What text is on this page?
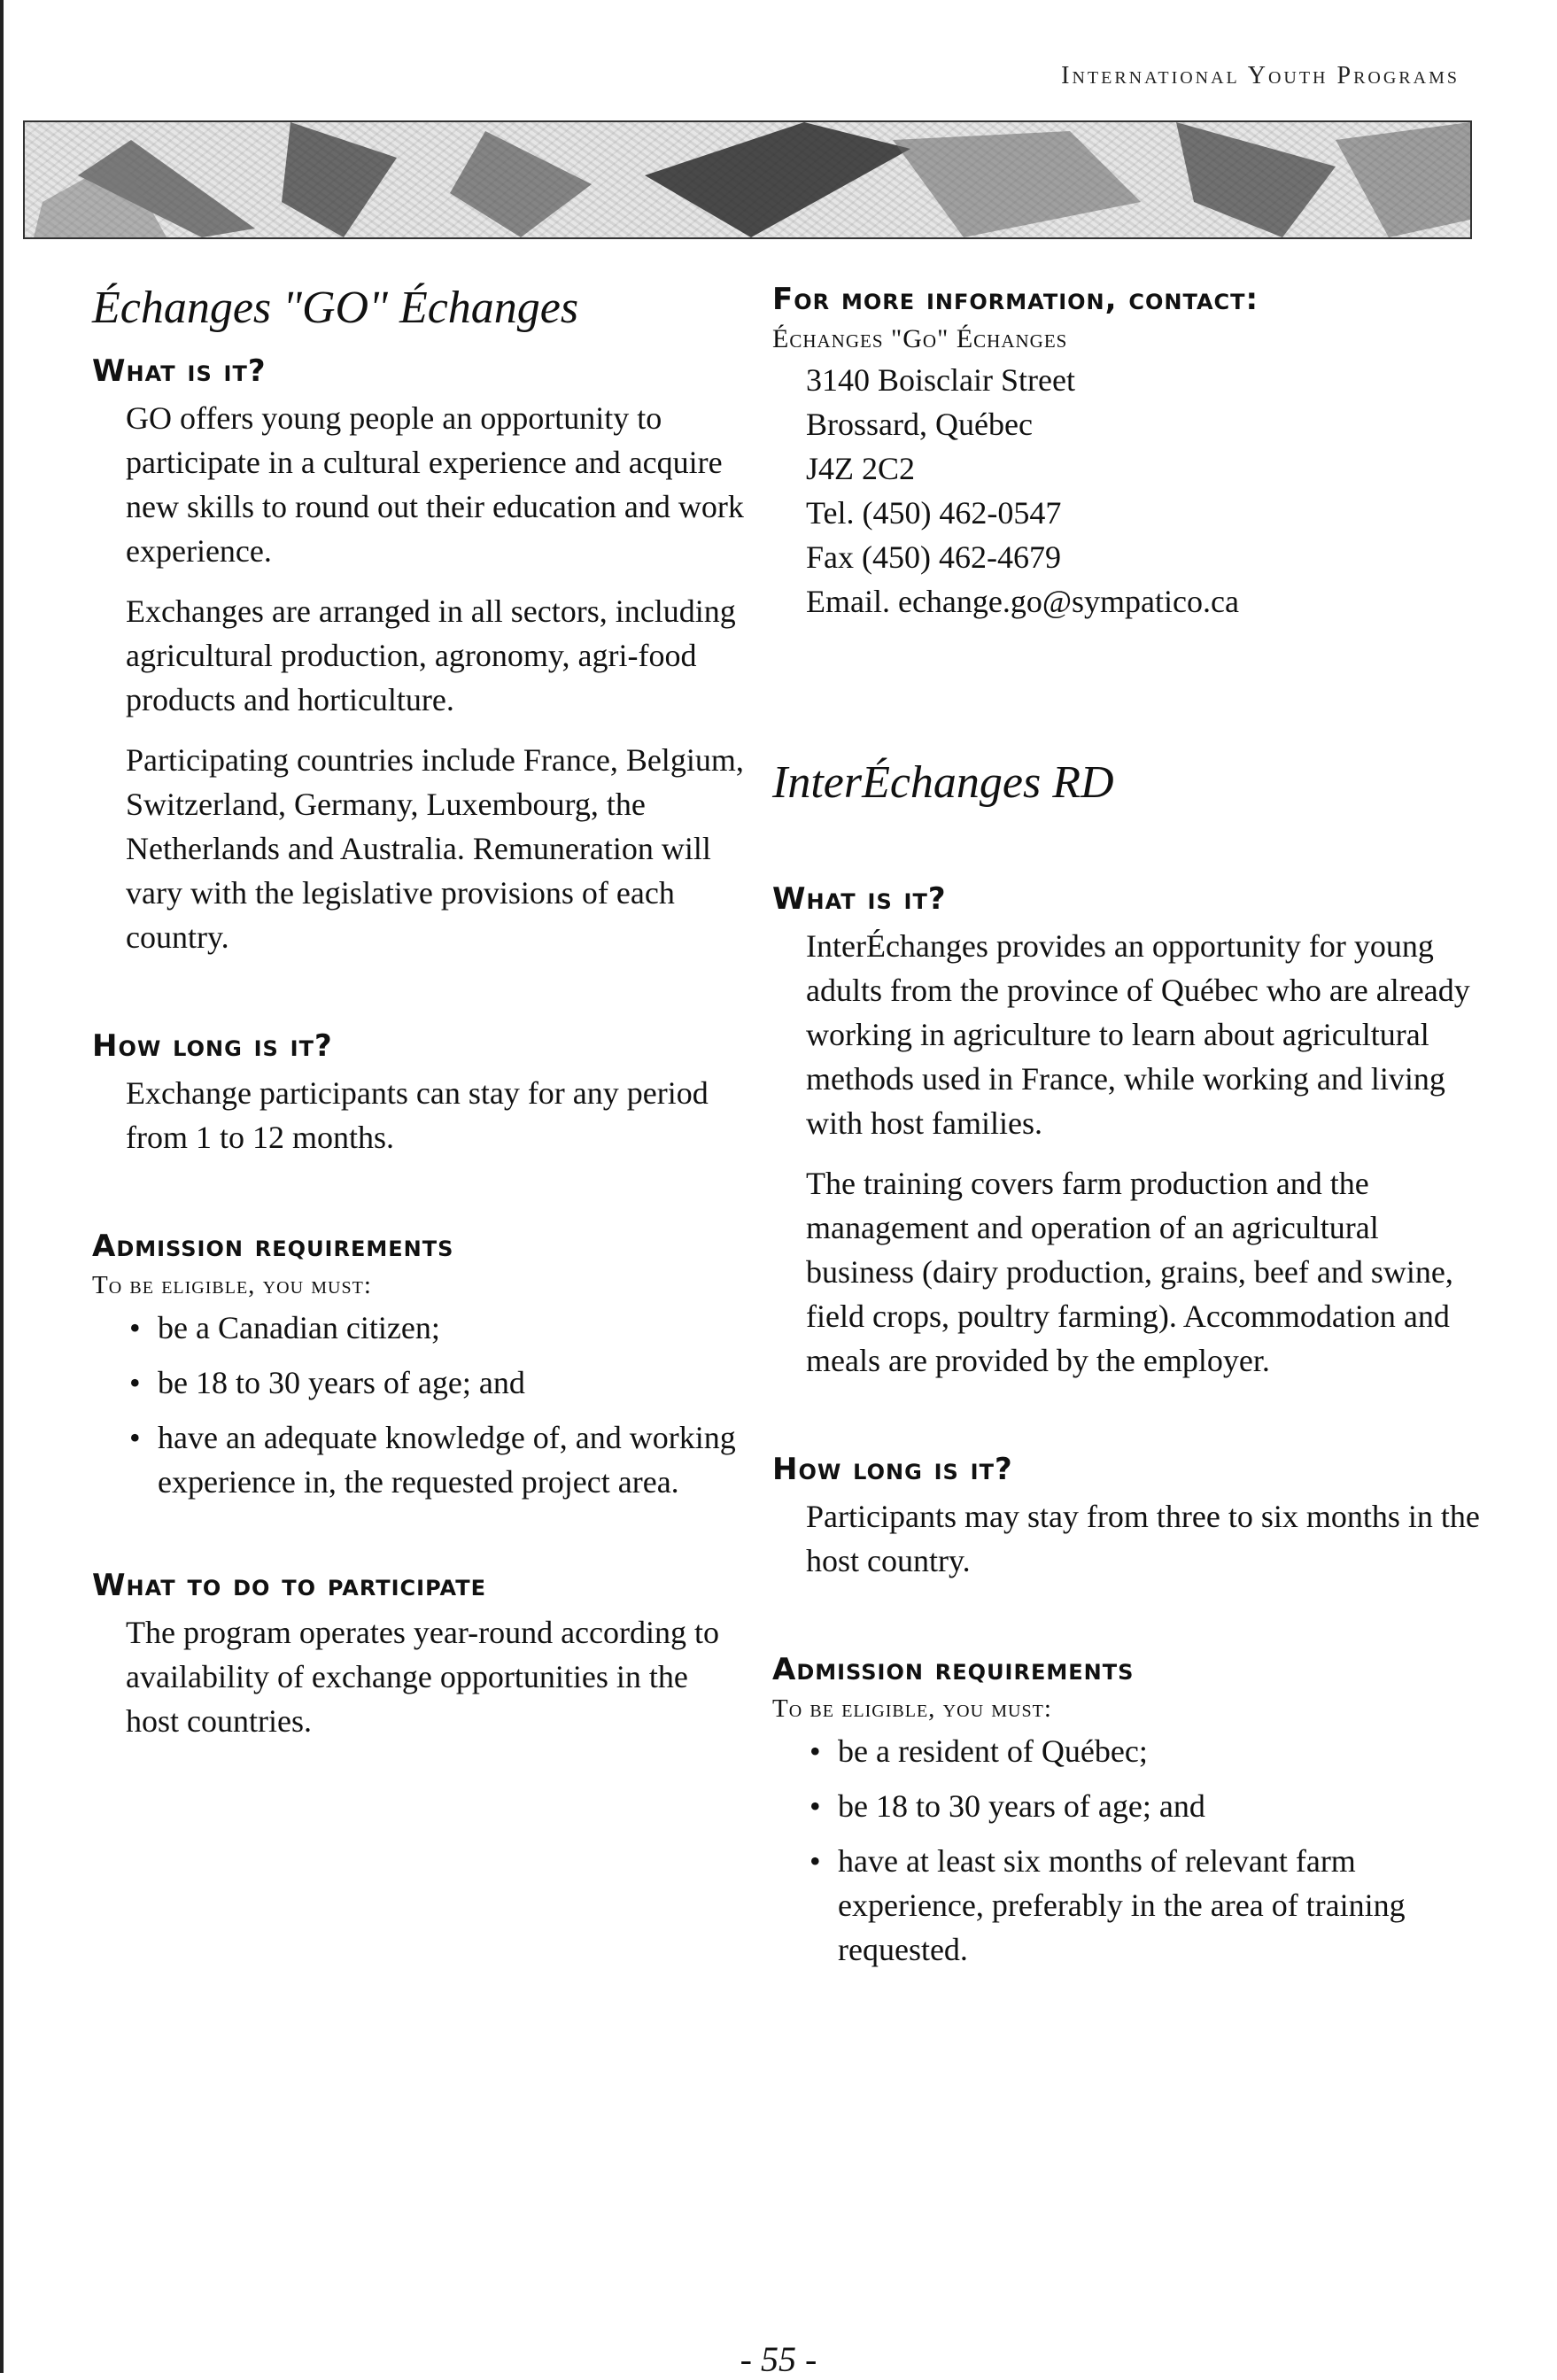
International Youth Programs
Échanges "GO" Échanges
What is it?

GO offers young people an opportunity to participate in a cultural experience and acquire new skills to round out their education and work experience.

Exchanges are arranged in all sectors, including agricultural production, agronomy, agri-food products and horticulture.

Participating countries include France, Belgium, Switzerland, Germany, Luxembourg, the Netherlands and Australia. Remuneration will vary with the legislative provisions of each country.

How long is it?

Exchange participants can stay for any period from 1 to 12 months.

Admission requirements
To be eligible, you must:
• be a Canadian citizen;
• be 18 to 30 years of age; and
• have an adequate knowledge of, and working experience in, the requested project area.
What to do to participate

The program operates year-round according to availability of exchange opportunities in the host countries.

For more information, contact:
Échanges "Go" Échanges
3140 Boisclair Street
Brossard, Québec
J4Z 2C2
Tel. (450) 462-0547
Fax (450) 462-4679
Email. echange.go@sympatico.ca
InterÉchanges RD
What is it?

InterÉchanges provides an opportunity for young adults from the province of Québec who are already working in agriculture to learn about agricultural methods used in France, while working and living with host families.

The training covers farm production and the management and operation of an agricultural business (dairy production, grains, beef and swine, field crops, poultry farming). Accommodation and meals are provided by the employer.

How long is it?

Participants may stay from three to six months in the host country.

Admission requirements
To be eligible, you must:
• be a resident of Québec;
• be 18 to 30 years of age; and
• have at least six months of relevant farm experience, preferably in the area of training requested.
- 55 -
